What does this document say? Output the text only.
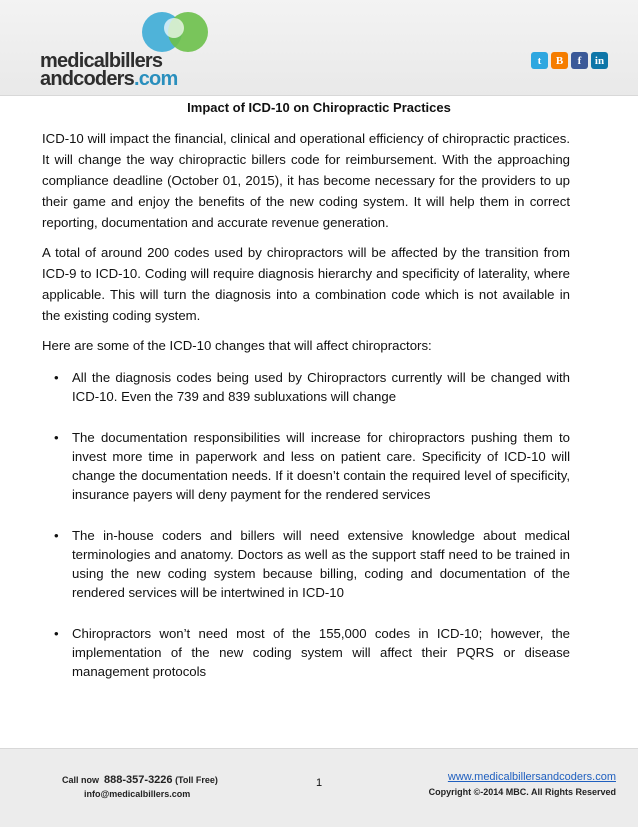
medicalbillers
andcoders.com
t	B	f	in
Impact of ICD-10 on Chiropractic Practices

ICD-10 will impact the financial, clinical and operational efficiency of chiropractic practices. It will change the way chiropractic billers code for reimbursement. With the approaching compliance deadline (October 01, 2015), it has become necessary for the providers to up their game and enjoy the benefits of the new coding system. It will help them in correct reporting, documentation and accurate revenue generation.

A total of around 200 codes used by chiropractors will be affected by the transition from ICD-9 to ICD-10. Coding will require diagnosis hierarchy and specificity of laterality, where applicable. This will turn the diagnosis into a combination code which is not available in the existing coding system.

Here are some of the ICD-10 changes that will affect chiropractors:

• All the diagnosis codes being used by Chiropractors currently will be changed with ICD-10. Even the 739 and 839 subluxations will change
• The documentation responsibilities will increase for chiropractors pushing them to invest more time in paperwork and less on patient care. Specificity of ICD-10 will change the documentation needs. If it doesn’t contain the required level of specificity, insurance payers will deny payment for the rendered services
• The in-house coders and billers will need extensive knowledge about medical terminologies and anatomy. Doctors as well as the support staff need to be trained in using the new coding system because billing, coding and documentation of the rendered services will be intertwined in ICD-10
• Chiropractors won’t need most of the 155,000 codes in ICD-10; however, the implementation of the new coding system will affect their PQRS or disease management protocols
Call now 888-357-3226 (Toll Free)
info@medicalbillers.com
1	www.medicalbillersandcoders.com
Copyright ©-2014 MBC. All Rights Reserved
